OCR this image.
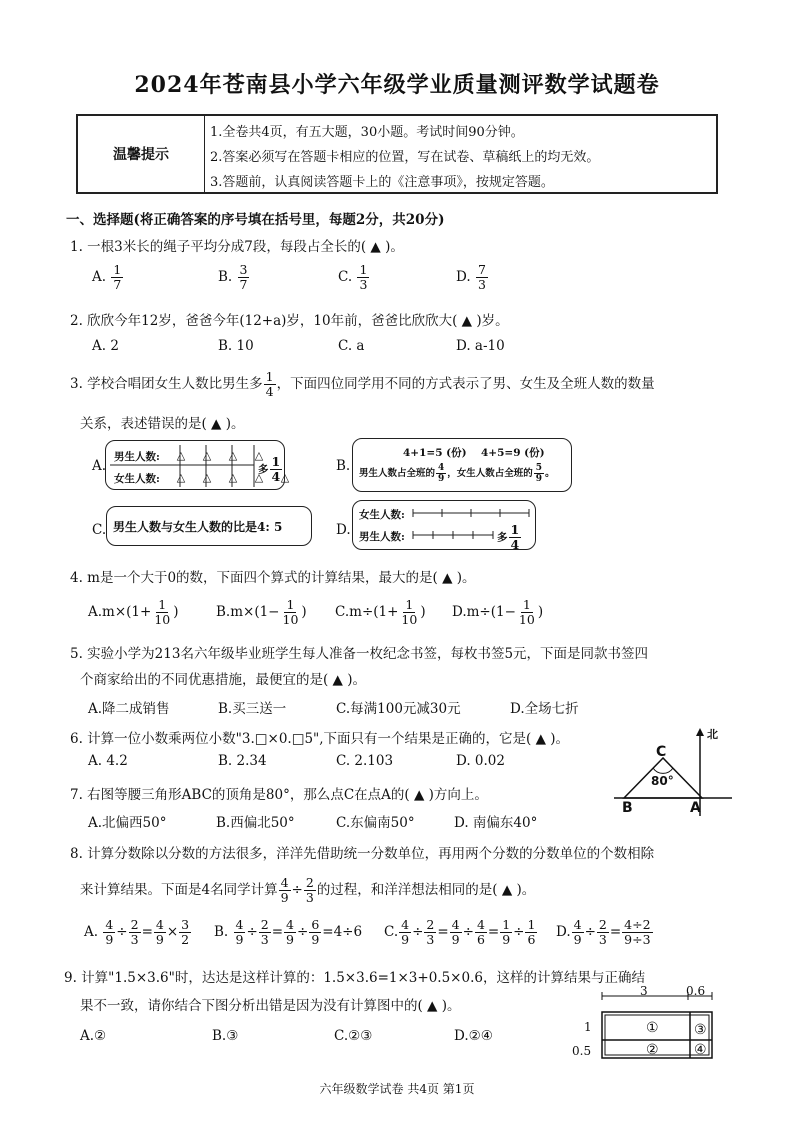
2024年苍南县小学六年级学业质量测评数学试题卷
温馨提示
1.全卷共4页，有五大题，30小题。考试时间90分钟。
2.答案必须写在答题卡相应的位置，写在试卷、草稿纸上的均无效。
3.答题前，认真阅读答题卡上的《注意事项》，按规定答题。
一、选择题(将正确答案的序号填在括号里，每题2分，共20分)
1. 一根3米长的绳子平均分成7段，每段占全长的( ▲ )。
A. $\frac{1}{7}$	B. $\frac{3}{7}$	C. $\frac{1}{3}$	D. $\frac{7}{3}$
2. 欣欣今年12岁，爸爸今年(12+a)岁，10年前，爸爸比欣欣大( ▲ )岁。
A. 2	B. 10	C. a	D. a-10
3. 学校合唱团女生人数比男生多 $\frac{1}{4}$ ，下面四位同学用不同的方式表示了男、女生及全班人数的数量
关系，表述错误的是( ▲ )。
A.
男生人数:
女生人数:
△ △ △ △
△ △ △ △ △
多 $\frac{1}{4}$	B.
4+1=5 (份) 4+5=9 (份)
男生人数占全班的 $\frac{4}{9}$ ，女生人数占全班的 $\frac{5}{9}$ 。
C. 男生人数与女生人数的比是4: 5	D.
女生人数:
男生人数:	多 $\frac{1}{4}$
4. m是一个大于0的数，下面四个算式的计算结果，最大的是( ▲ )。
$A.m\times(1+ \frac{1}{10}$ )	$B.m\times(1- \frac{1}{10}$ ) $C.m\div(1+ \frac{1}{10}$ ) $D.m\div(1- \frac{1}{10}$ )
5. 实验小学为213名六年级毕业班学生每人准备一枚纪念书签，每枚书签5元，下面是同款书签四
个商家给出的不同优惠措施，最便宜的是( ▲ )。
A.降二成销售	B.买三送一	C.每满100元减30元	D.全场七折
6. 计算一位小数乘两位小数"3.□×0.□5",下面只有一个结果是正确的，它是( ▲ )。
A. 4.2	B. 2.34	C. 2.103	D. 0.02
7. 右图等腰三角形ABC的顶角是80°，那么点C在点A的( ▲ )方向上。
A.北偏西50°	B.西偏北50°	C.东偏南50°	D. 南偏东40°
北
C
80°
B	A
8. 计算分数除以分数的方法很多，洋洋先借助统一分数单位，再用两个分数的分数单位的个数相除
来计算结果。下面是4名同学计算 $\frac{4}{9} \div \frac{2}{3}$ 的过程，和洋洋想法相同的是( ▲ )。
A. $\frac{4}{9} \div \frac{2}{3} = \frac{4}{9} \times \frac{3}{2} B$. $\frac{4}{9} \div \frac{2}{3} = \frac{4}{9} \div \frac{6}{9} =4\div 6$ C. $\frac{4}{9} \div \frac{2}{3} = \frac{4}{9} \div \frac{4}{6} = \frac{1}{9} \div \frac{1}{6} D$. $\frac{4}{9} \div \frac{2}{3} = \frac{4\div 2}{9\div 3}$
9. 计算"1.5×3.6"时，达达是这样计算的：1.5×3.6=1×3+0.5×0.6，这样的计算结果与正确结
果不一致，请你结合下图分析出错是因为没有计算图中的( ▲ )。
A.②	B.③	C.②③	D.②④
3	0.6
1
0.5
①
②
③
④
六年级数学试卷 共4页 第1页
